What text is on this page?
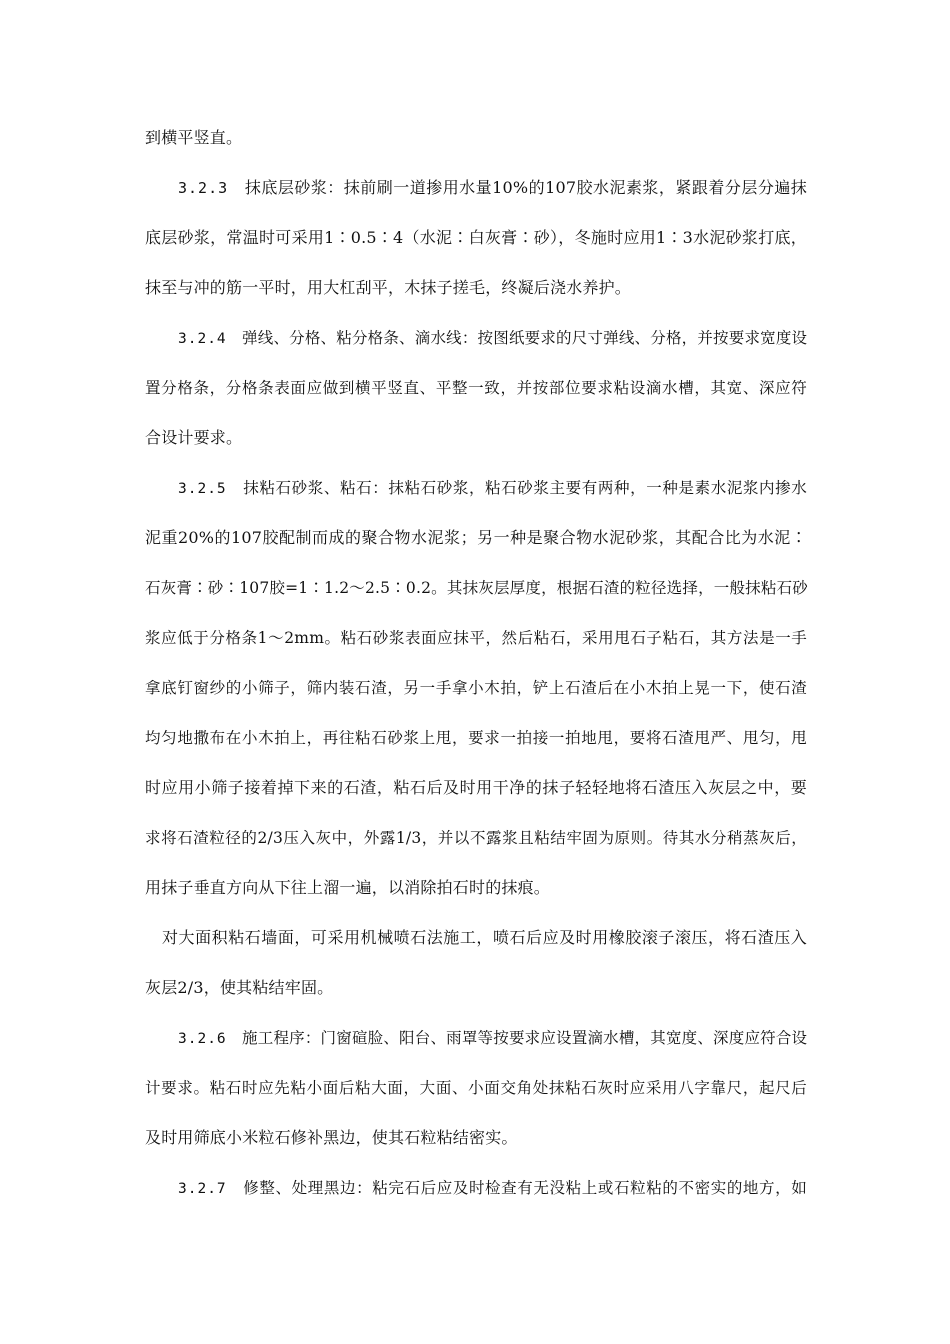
到横平竖直。
3.2.3 抹底层砂浆：抹前刷一道掺用水量10%的107胶水泥素浆，紧跟着分层分遍抹
底层砂浆，常温时可采用1∶0.5∶4（水泥∶白灰膏∶砂），冬施时应用1∶3水泥砂浆打底，
抹至与冲的筋一平时，用大杠刮平，木抹子搓毛，终凝后浇水养护。
3.2.4 弹线、分格、粘分格条、滴水线：按图纸要求的尺寸弹线、分格，并按要求宽度设
置分格条，分格条表面应做到横平竖直、平整一致，并按部位要求粘设滴水槽，其宽、深应符
合设计要求。
3.2.5 抹粘石砂浆、粘石：抹粘石砂浆，粘石砂浆主要有两种，一种是素水泥浆内掺水
泥重20%的107胶配制而成的聚合物水泥浆；另一种是聚合物水泥砂浆，其配合比为水泥∶
石灰膏∶砂∶107胶=1∶1.2～2.5∶0.2。其抹灰层厚度，根据石渣的粒径选择，一般抹粘石砂
浆应低于分格条1～2mm。粘石砂浆表面应抹平，然后粘石，采用甩石子粘石，其方法是一手
拿底钉窗纱的小筛子，筛内装石渣，另一手拿小木拍，铲上石渣后在小木拍上晃一下，使石渣
均匀地撒布在小木拍上，再往粘石砂浆上甩，要求一拍接一拍地甩，要将石渣甩严、甩匀，甩
时应用小筛子接着掉下来的石渣，粘石后及时用干净的抹子轻轻地将石渣压入灰层之中，要
求将石渣粒径的2/3压入灰中，外露1/3，并以不露浆且粘结牢固为原则。待其水分稍蒸灰后，
用抹子垂直方向从下往上溜一遍，以消除拍石时的抹痕。
对大面积粘石墙面，可采用机械喷石法施工，喷石后应及时用橡胶滚子滚压，将石渣压入
灰层2/3，使其粘结牢固。
3.2.6 施工程序：门窗碹脸、阳台、雨罩等按要求应设置滴水槽，其宽度、深度应符合设
计要求。粘石时应先粘小面后粘大面，大面、小面交角处抹粘石灰时应采用八字靠尺，起尺后
及时用筛底小米粒石修补黑边，使其石粒粘结密实。
3.2.7 修整、处理黑边：粘完石后应及时检查有无没粘上或石粒粘的不密实的地方，如
